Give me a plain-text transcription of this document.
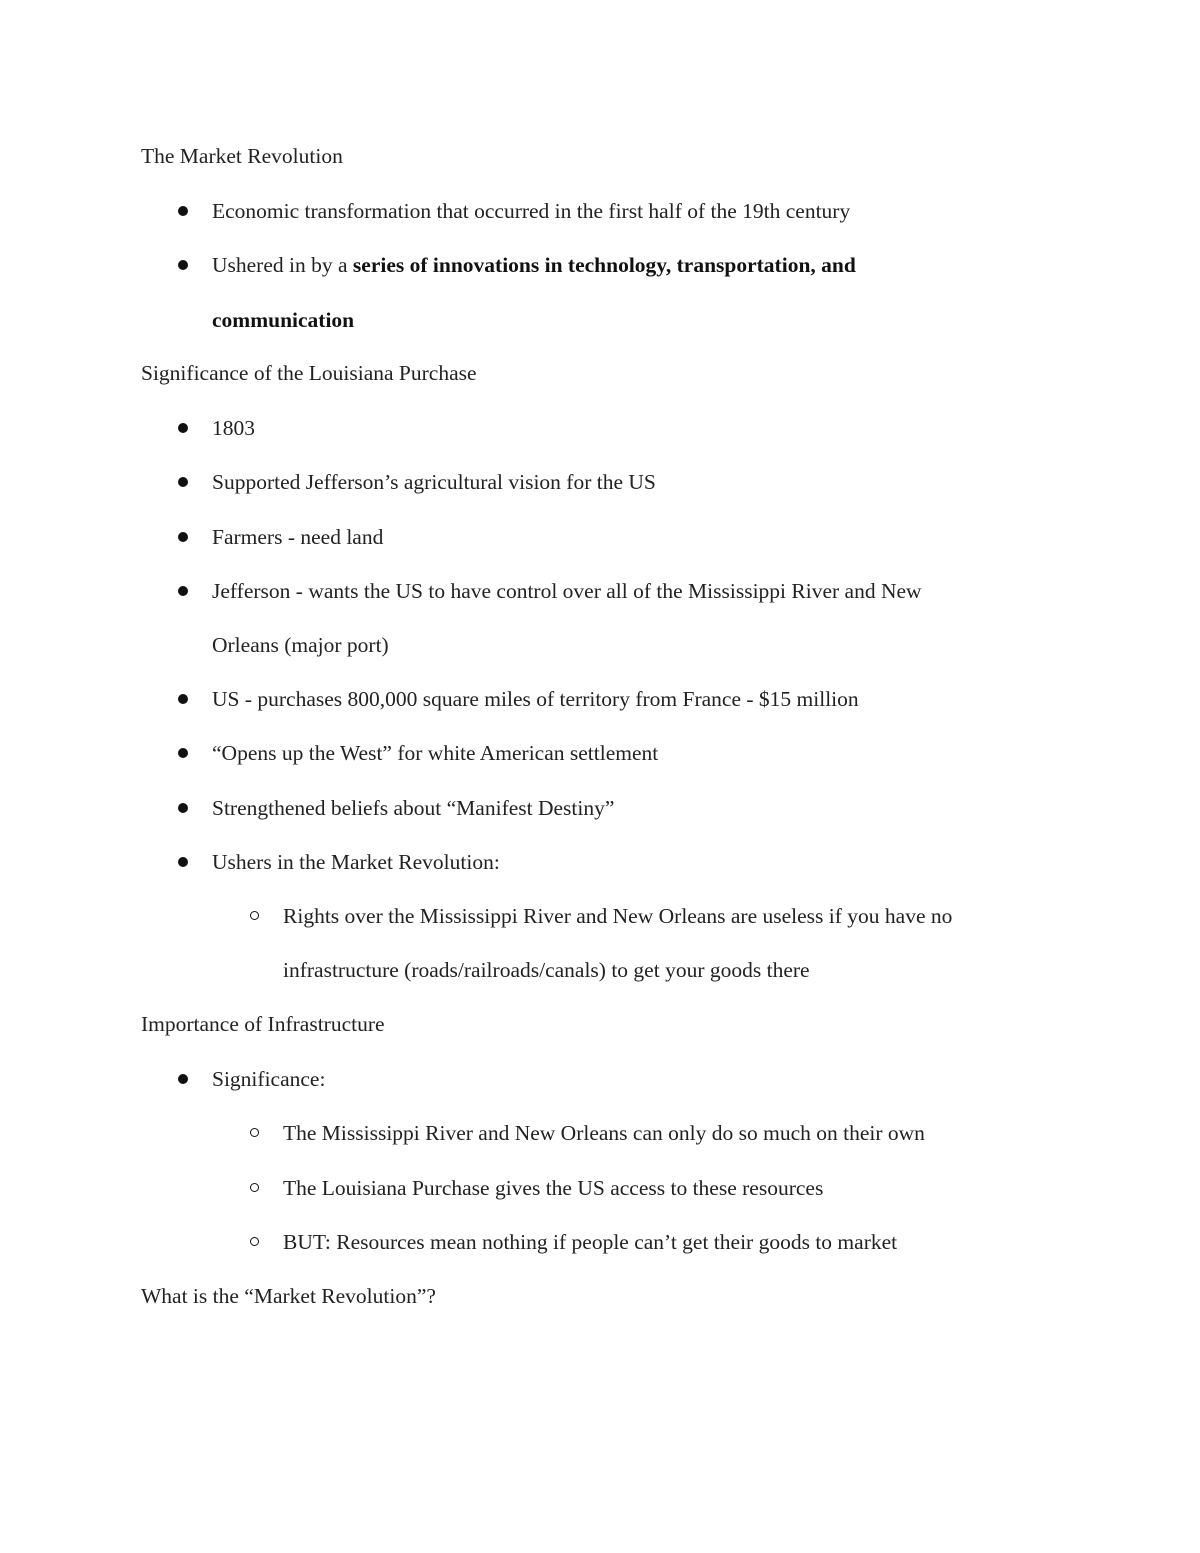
The Market Revolution
Economic transformation that occurred in the first half of the 19th century
Ushered in by a series of innovations in technology, transportation, and
communication
Significance of the Louisiana Purchase
1803
Supported Jefferson’s agricultural vision for the US
Farmers - need land
Jefferson - wants the US to have control over all of the Mississippi River and New
Orleans (major port)
US - purchases 800,000 square miles of territory from France - $15 million
“Opens up the West” for white American settlement
Strengthened beliefs about “Manifest Destiny”
Ushers in the Market Revolution:
Rights over the Mississippi River and New Orleans are useless if you have no
infrastructure (roads/railroads/canals) to get your goods there
Importance of Infrastructure
Significance:
The Mississippi River and New Orleans can only do so much on their own
The Louisiana Purchase gives the US access to these resources
BUT: Resources mean nothing if people can’t get their goods to market
What is the “Market Revolution”?
